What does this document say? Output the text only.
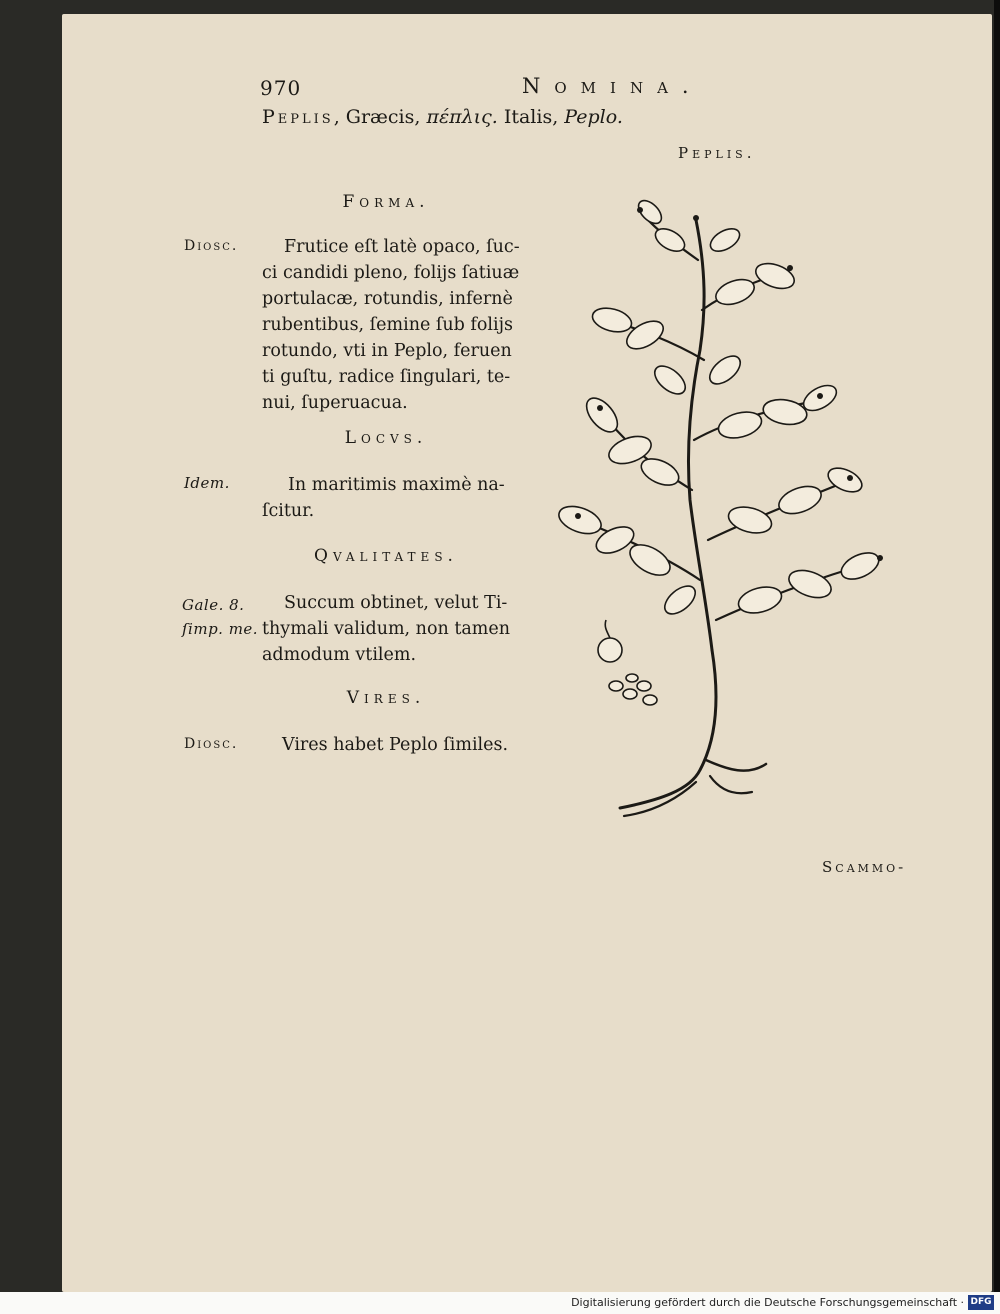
970	Nomina.
Peplis, Græcis, πέπλις. Italis, Peplo.
Peplis.
Forma.
Diosc.	Frutice eſt latè opaco, ſuc-
ci candidi pleno, folijs ſatiuæ
portulacæ, rotundis, infernè
rubentibus, ſemine ſub folijs
rotundo, vti in Peplo, feruen
ti guſtu, radice ſingulari, te-
nui, ſuperuacua.
Locvs.
Idem.	In maritimis maximè na-
ſcitur.
Qvalitates.
Gale. 8.
ſimp. me.
Succum obtinet, velut Ti-
thymali validum, non tamen
admodum vtilem.
Vires.
Diosc.	Vires habet Peplo ſimiles.
Scammo-
Digitalisierung gefördert durch die Deutsche Forschungsgemeinschaft · DFG
